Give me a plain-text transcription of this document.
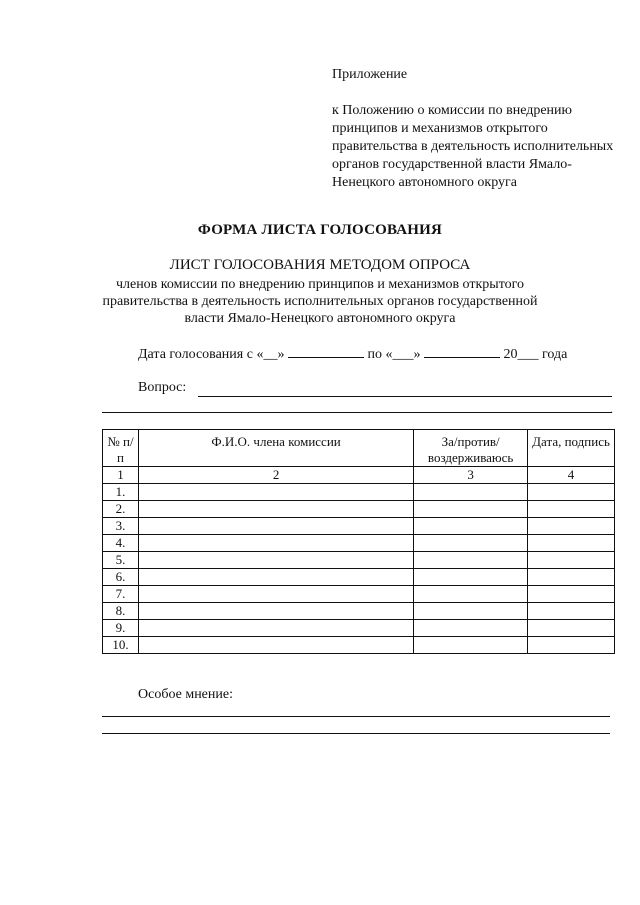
Приложение
к Положению о комиссии по внедрению принципов и механизмов открытого правительства в деятельность исполнительных органов государственной власти Ямало-Ненецкого автономного округа
ФОРМА ЛИСТА ГОЛОСОВАНИЯ
ЛИСТ ГОЛОСОВАНИЯ МЕТОДОМ ОПРОСА
членов комиссии по внедрению принципов и механизмов открытого правительства в деятельность исполнительных органов государственной власти Ямало-Ненецкого автономного округа
Дата голосования с «__»	по «___»	20___ года
Вопрос:
.
№ п/п	Ф.И.О. члена комиссии	За/против/ воздерживаюсь	Дата, подпись
1	2	3	4
1.			
2.			
3.			
4.			
5.			
6.			
7.			
8.			
9.			
10.			
Особое мнение:
